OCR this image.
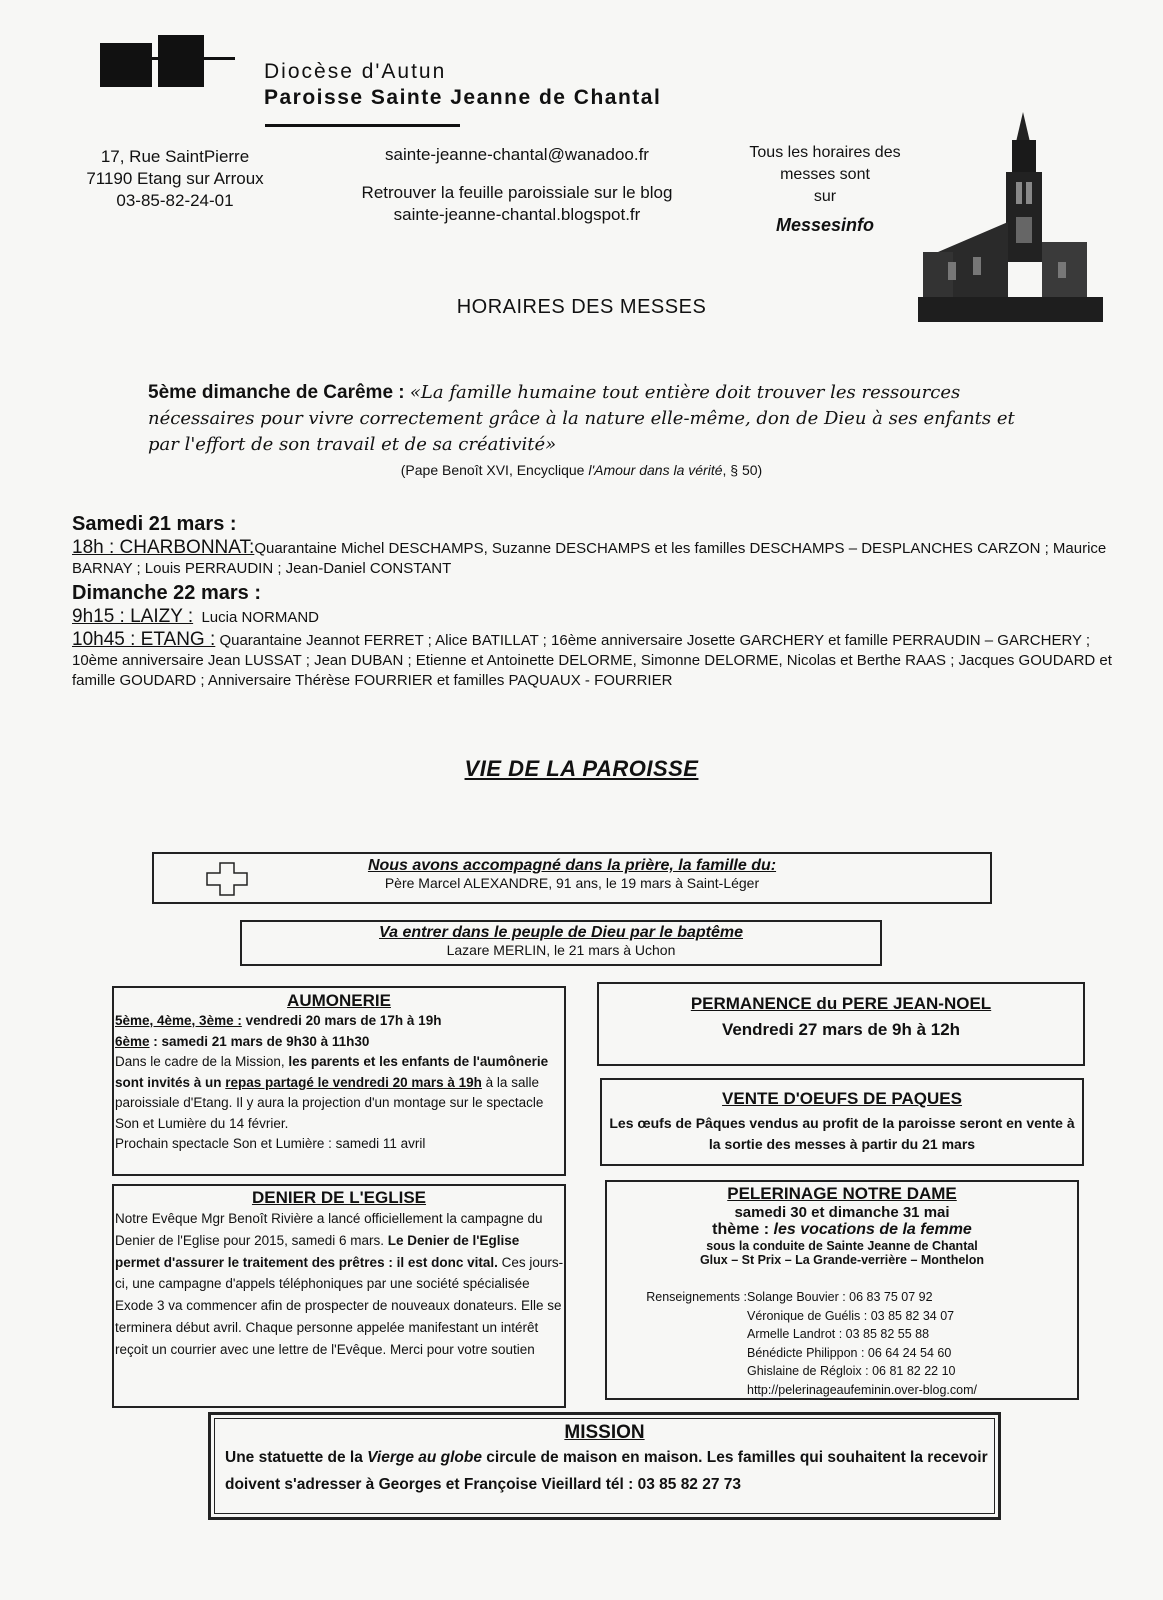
Diocèse d'Autun
Paroisse Sainte Jeanne de Chantal
17, Rue SaintPierre
71190 Etang sur Arroux
03-85-82-24-01
sainte-jeanne-chantal@wanadoo.fr
Retrouver la feuille paroissiale sur le blog
sainte-jeanne-chantal.blogspot.fr
Tous les horaires des
messes sont
sur
Messesinfo
HORAIRES DES MESSES
5ème dimanche de Carême : «La famille humaine tout entière doit trouver les ressources nécessaires pour vivre correctement grâce à la nature elle-même, don de Dieu à ses enfants et par l'effort de son travail et de sa créativité»
(Pape Benoît XVI, Encyclique l'Amour dans la vérité, § 50)
Samedi 21 mars :
18h : CHARBONNAT:Quarantaine Michel DESCHAMPS, Suzanne DESCHAMPS et les familles DESCHAMPS – DESPLANCHES CARZON ; Maurice BARNAY ; Louis PERRAUDIN ; Jean-Daniel CONSTANT
Dimanche 22 mars :
9h15 : LAIZY : Lucia NORMAND
10h45 : ETANG : Quarantaine Jeannot FERRET ; Alice BATILLAT ; 16ème anniversaire Josette GARCHERY et famille PERRAUDIN – GARCHERY ; 10ème anniversaire Jean LUSSAT ; Jean DUBAN ; Etienne et Antoinette DELORME, Simonne DELORME, Nicolas et Berthe RAAS ; Jacques GOUDARD et famille GOUDARD ; Anniversaire Thérèse FOURRIER et familles PAQUAUX - FOURRIER
VIE DE LA PAROISSE
Nous avons accompagné dans la prière, la famille du:
Père Marcel ALEXANDRE, 91 ans, le 19 mars à Saint-Léger
Va entrer dans le peuple de Dieu par le baptême
Lazare MERLIN, le 21 mars à Uchon
AUMONERIE
5ème, 4ème, 3ème : vendredi 20 mars de 17h à 19h
6ème : samedi 21 mars de 9h30 à 11h30
Dans le cadre de la Mission, les parents et les enfants de l'aumônerie sont invités à un repas partagé le vendredi 20 mars à 19h à la salle paroissiale d'Etang. Il y aura la projection d'un montage sur le spectacle Son et Lumière du 14 février.
Prochain spectacle Son et Lumière : samedi 11 avril
PERMANENCE du PERE JEAN-NOEL
Vendredi 27 mars de 9h à 12h
VENTE D'OEUFS DE PAQUES
Les œufs de Pâques vendus au profit de la paroisse seront en vente à la sortie des messes à partir du 21 mars
DENIER DE L'EGLISE
Notre Evêque Mgr Benoît Rivière a lancé officiellement la campagne du Denier de l'Eglise pour 2015, samedi 6 mars. Le Denier de l'Eglise permet d'assurer le traitement des prêtres : il est donc vital. Ces jours-ci, une campagne d'appels téléphoniques par une société spécialisée Exode 3 va commencer afin de prospecter de nouveaux donateurs. Elle se terminera début avril. Chaque personne appelée manifestant un intérêt reçoit un courrier avec une lettre de l'Evêque. Merci pour votre soutien
PELERINAGE NOTRE DAME
samedi 30 et dimanche 31 mai
thème : les vocations de la femme
sous la conduite de Sainte Jeanne de Chantal
Glux – St Prix – La Grande-verrière – Monthelon
Renseignements :Solange Bouvier : 06 83 75 07 92
Véronique de Guélis : 03 85 82 34 07
Armelle Landrot : 03 85 82 55 88
Bénédicte Philippon : 06 64 24 54 60
Ghislaine de Régloix : 06 81 82 22 10
http://pelerinageaufeminin.over-blog.com/
MISSION
Une statuette de la Vierge au globe circule de maison en maison. Les familles qui souhaitent la recevoir doivent s'adresser à Georges et Françoise Vieillard tél : 03 85 82 27 73
